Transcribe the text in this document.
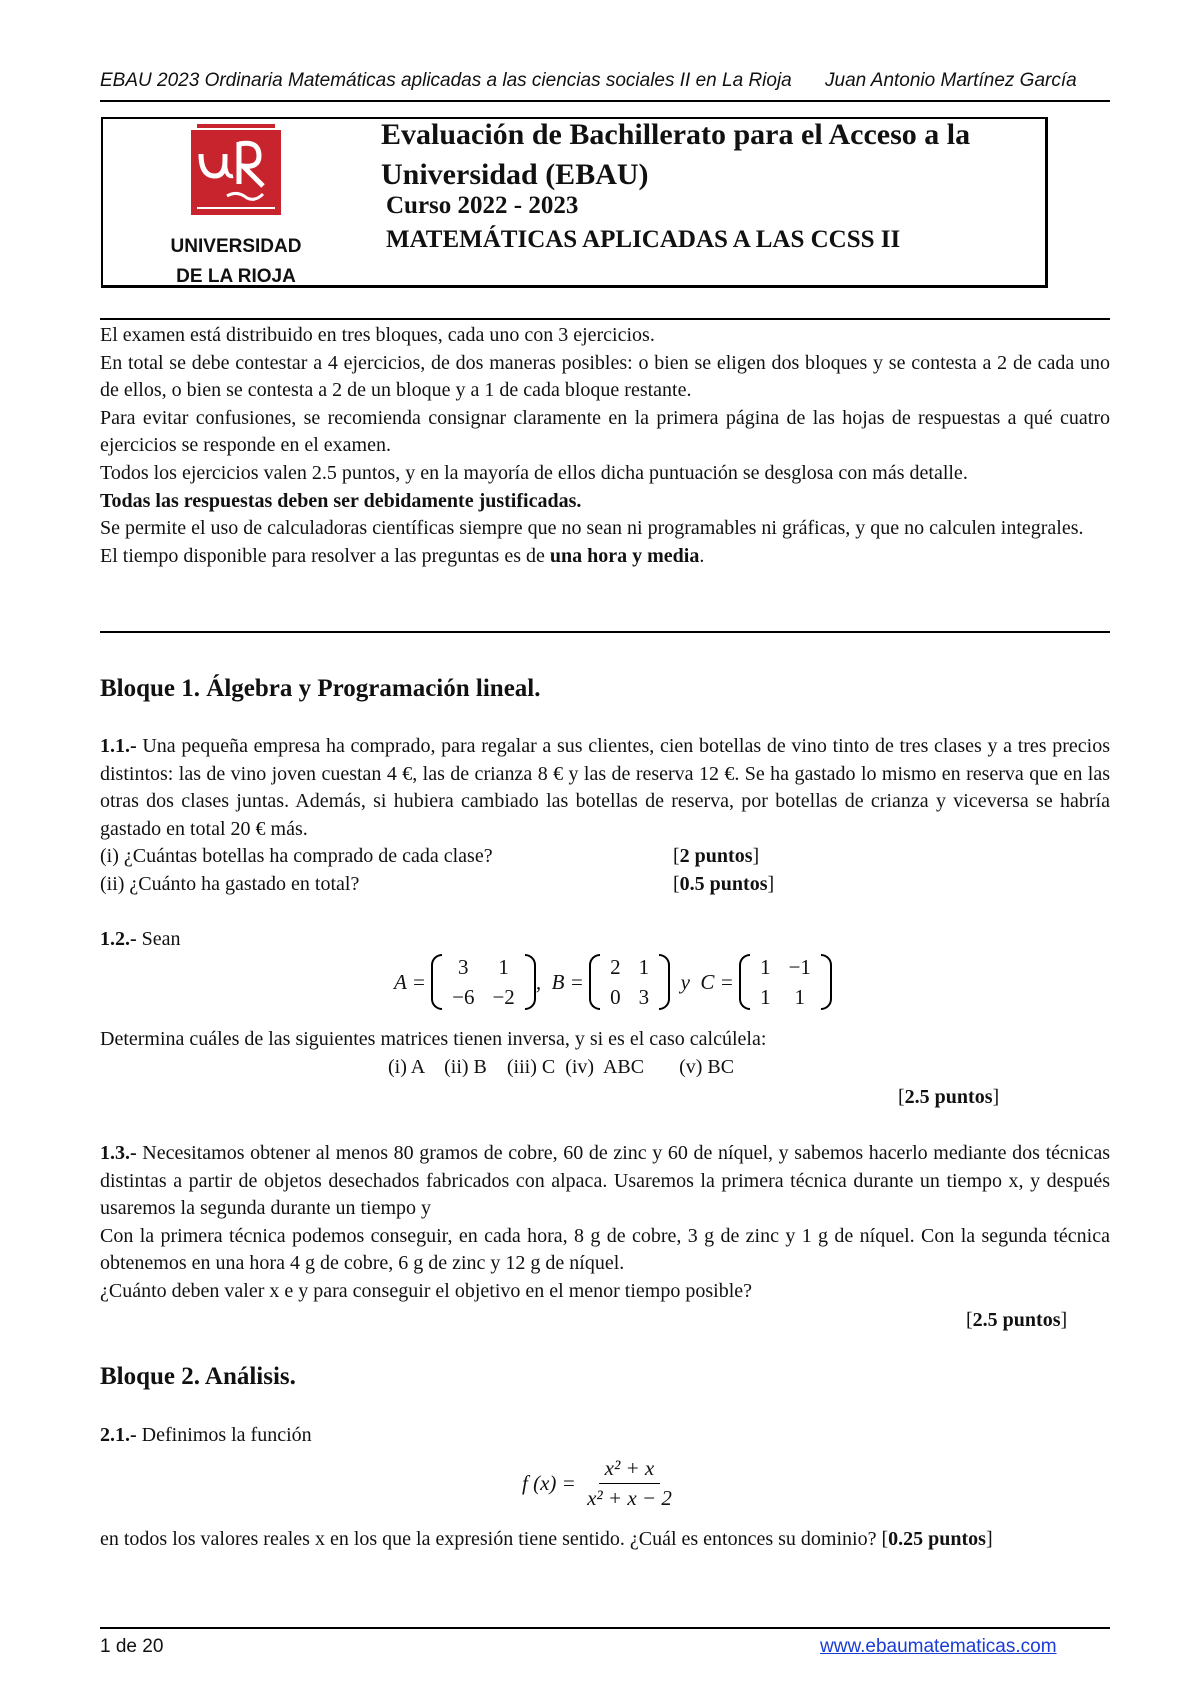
EBAU 2023 Ordinaria Matemáticas aplicadas a las ciencias sociales II en La Rioja Juan Antonio Martínez García
UNIVERSIDAD
DE LA RIOJA
Evaluación de Bachillerato para el Acceso a la Universidad (EBAU)
Curso 2022 - 2023
MATEMÁTICAS APLICADAS A LAS CCSS II

El examen está distribuido en tres bloques, cada uno con 3 ejercicios.

En total se debe contestar a 4 ejercicios, de dos maneras posibles: o bien se eligen dos bloques y se contesta a 2 de cada uno de ellos, o bien se contesta a 2 de un bloque y a 1 de cada bloque restante.

Para evitar confusiones, se recomienda consignar claramente en la primera página de las hojas de respuestas a qué cuatro ejercicios se responde en el examen.

Todos los ejercicios valen 2.5 puntos, y en la mayoría de ellos dicha puntuación se desglosa con más detalle.

Todas las respuestas deben ser debidamente justificadas.

Se permite el uso de calculadoras científicas siempre que no sean ni programables ni gráficas, y que no calculen integrales.

El tiempo disponible para resolver a las preguntas es de una hora y media.

Bloque 1. Álgebra y Programación lineal.

1.1.- Una pequeña empresa ha comprado, para regalar a sus clientes, cien botellas de vino tinto de tres clases y a tres precios distintos: las de vino joven cuestan 4 €, las de crianza 8 € y las de reserva 12 €. Se ha gastado lo mismo en reserva que en las otras dos clases juntas. Además, si hubiera cambiado las botellas de reserva, por botellas de crianza y viceversa se habría gastado en total 20 € más.

(i) ¿Cuántas botellas ha comprado de cada clase?	[2 puntos]
(ii) ¿Cuánto ha gastado en total?	[0.5 puntos]

1.2.- Sean

A =

3	1
−6	−2
, B =

2	1
0	3

y
C =

1	−1
1	1

Determina cuáles de las siguientes matrices tienen inversa, y si es el caso calcúlela:

(i) A    (ii) B    (iii) C  (iv)  ABC       (v) BC
[2.5 puntos]

1.3.- Necesitamos obtener al menos 80 gramos de cobre, 60 de zinc y 60 de níquel, y sabemos hacerlo mediante dos técnicas distintas a partir de objetos desechados fabricados con alpaca. Usaremos la primera técnica durante un tiempo x, y después usaremos la segunda durante un tiempo y

Con la primera técnica podemos conseguir, en cada hora, 8 g de cobre, 3 g de zinc y 1 g de níquel. Con la segunda técnica obtenemos en una hora 4 g de cobre, 6 g de zinc y 12 g de níquel.

¿Cuánto deben valer x e y para conseguir el objetivo en el menor tiempo posible?

[2.5 puntos]
Bloque 2. Análisis.

2.1.- Definimos la función

f (x) =
$\frac{\text{x² + x}}{\text{x² + x − 2}}$

en todos los valores reales x en los que la expresión tiene sentido. ¿Cuál es entonces su dominio? [0.25 puntos]

1 de 20	www.ebaumatematicas.com
